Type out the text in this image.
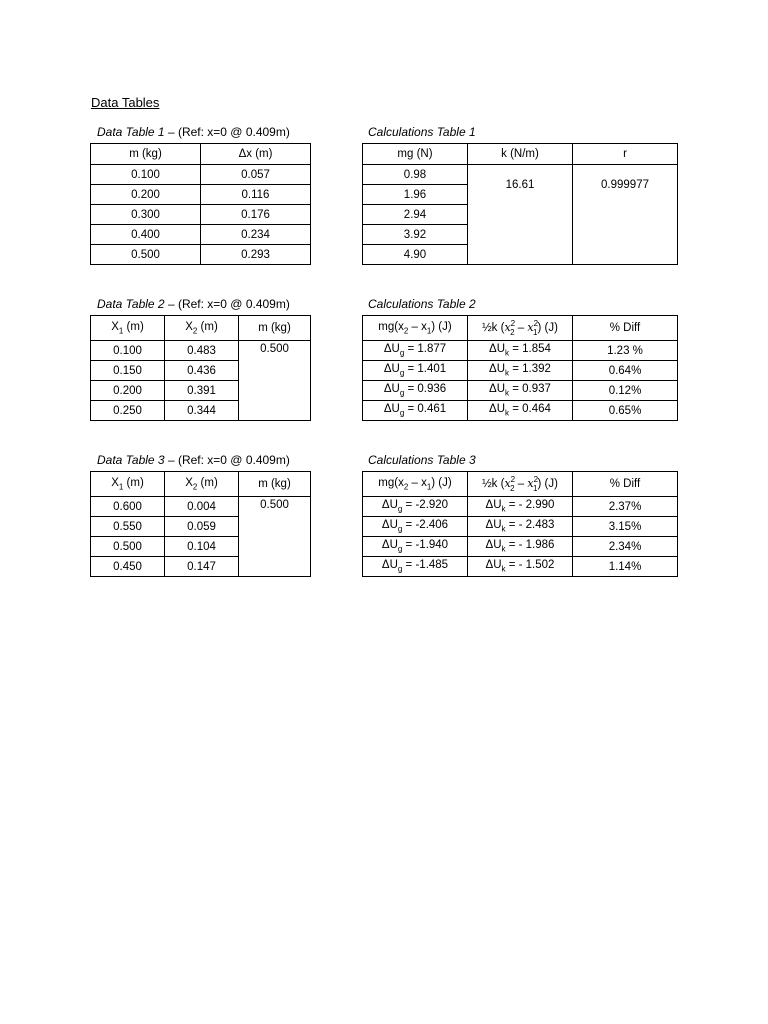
Data Tables
Data Table 1 – (Ref: x=0 @ 0.409m)
m (kg)	Δx (m)
0.100	0.057
0.200	0.116
0.300	0.176
0.400	0.234
0.500	0.293
Calculations Table 1
mg (N)	k (N/m)	r
0.98	16.61	0.999977
1.96		
2.94		
3.92		
4.90		
Data Table 2 – (Ref: x=0 @ 0.409m)
$X_1$ (m)	$X_2$ (m)	m (kg)
0.100	0.483	0.500
0.150	0.436	
0.200	0.391	
0.250	0.344	
Calculations Table 2
$mg(x_2 - x_1)$ (J)	½k $(x^2_2 - x^2_1)$ (J)	% Diff
$\Delta U_g = 1.877$	$\Delta U_k = 1.854$	1.23 %
$\Delta U_g = 1.401$	$\Delta U_k = 1.392$	0.64%
$\Delta U_g = 0.936$	$\Delta U_k = 0.937$	0.12%
$\Delta U_g = 0.461$	$\Delta U_k = 0.464$	0.65%
Data Table 3 – (Ref: x=0 @ 0.409m)
$X_1$ (m)	$X_2$ (m)	m (kg)
0.600	0.004	0.500
0.550	0.059	
0.500	0.104	
0.450	0.147	
Calculations Table 3
$mg(x_2 - x_1)$ (J)	½k $(x^2_2 - x^2_1)$ (J)	% Diff
$\Delta U_g = -2.920$	$\Delta U_k$ = - 2.990	2.37%
$\Delta U_g = -2.406$	$\Delta U_k$ = - 2.483	3.15%
$\Delta U_g = -1.940$	$\Delta U_k$ = - 1.986	2.34%
$\Delta U_g = -1.485$	$\Delta U_k$ = - 1.502	1.14%
